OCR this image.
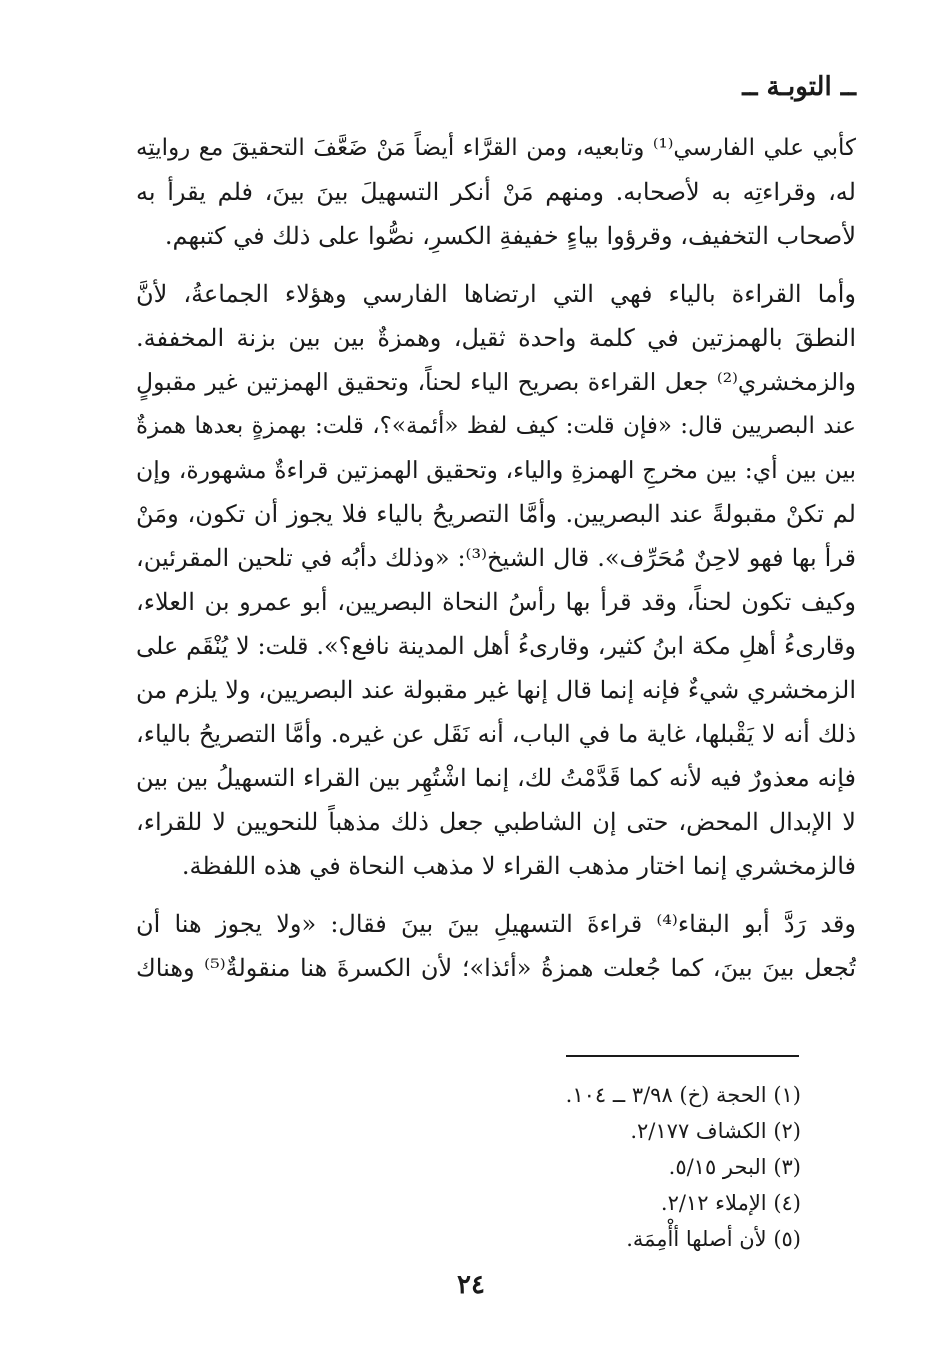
ــ التوبـة ــ
كأبي علي الفارسي⁽¹⁾ وتابعيه، ومن القرَّاء أيضاً مَنْ ضَعَّفَ التحقيقَ مع روايتِه
له، وقراءتِه به لأصحابه. ومنهم مَنْ أنكر التسهيلَ بينَ بينَ، فلم يقرأ به
لأصحاب التخفيف، وقرؤوا بياءٍ خفيفةِ الكسرِ، نصُّوا على ذلك في كتبهم.
وأما القراءة بالياء فهي التي ارتضاها الفارسي وهؤلاء الجماعةُ، لأنَّ
النطقَ بالهمزتين في كلمة واحدة ثقيل، وهمزةٌ بين بين بزنة المخففة.
والزمخشري⁽²⁾ جعل القراءة بصريح الياء لحناً، وتحقيق الهمزتين غير مقبولٍ
عند البصريين قال: «فإن قلت: كيف لفظ «أئمة»؟، قلت: بهمزةٍ بعدها همزةٌ
بين بين أي: بين مخرجِ الهمزةِ والياء، وتحقيق الهمزتين قراءةٌ مشهورة، وإن
لم تكنْ مقبولةً عند البصريين. وأمَّا التصريحُ بالياء فلا يجوز أن تكون، ومَنْ
قرأ بها فهو لاحِنٌ مُحَرِّف». قال الشيخ⁽³⁾: «وذلك دأبُه في تلحين المقرئين،
وكيف تكون لحناً، وقد قرأ بها رأسُ النحاة البصريين، أبو عمرو بن العلاء،
وقارىءُ أهلِ مكة ابنُ كثير، وقارىءُ أهل المدينة نافع؟». قلت: لا يُنْقَم على
الزمخشري شيءٌ فإنه إنما قال إنها غير مقبولة عند البصريين، ولا يلزم من
ذلك أنه لا يَقْبلها، غاية ما في الباب، أنه نَقَل عن غيره. وأمَّا التصريحُ بالياء،
فإنه معذورٌ فيه لأنه كما قَدَّمْتُ لك، إنما اشْتُهِر بين القراء التسهيلُ بين بين
لا الإبدال المحض، حتى إن الشاطبي جعل ذلك مذهباً للنحويين لا للقراء،
فالزمخشري إنما اختار مذهب القراء لا مذهب النحاة في هذه اللفظة.
وقد رَدَّ أبو البقاء⁽⁴⁾ قراءةَ التسهيلِ بينَ بينَ فقال: «ولا يجوز هنا أن
تُجعل بينَ بينَ، كما جُعلت همزةُ «أئذا»؛ لأن الكسرةَ هنا منقولةٌ⁽⁵⁾ وهناك
(١) الحجة (خ) ٣/٩٨ ــ ١٠٤.
(٢) الكشاف ٢/١٧٧.
(٣) البحر ٥/١٥.
(٤) الإملاء ٢/١٢.
(٥) لأن أصلها أأْمِمَة.
٢٤
